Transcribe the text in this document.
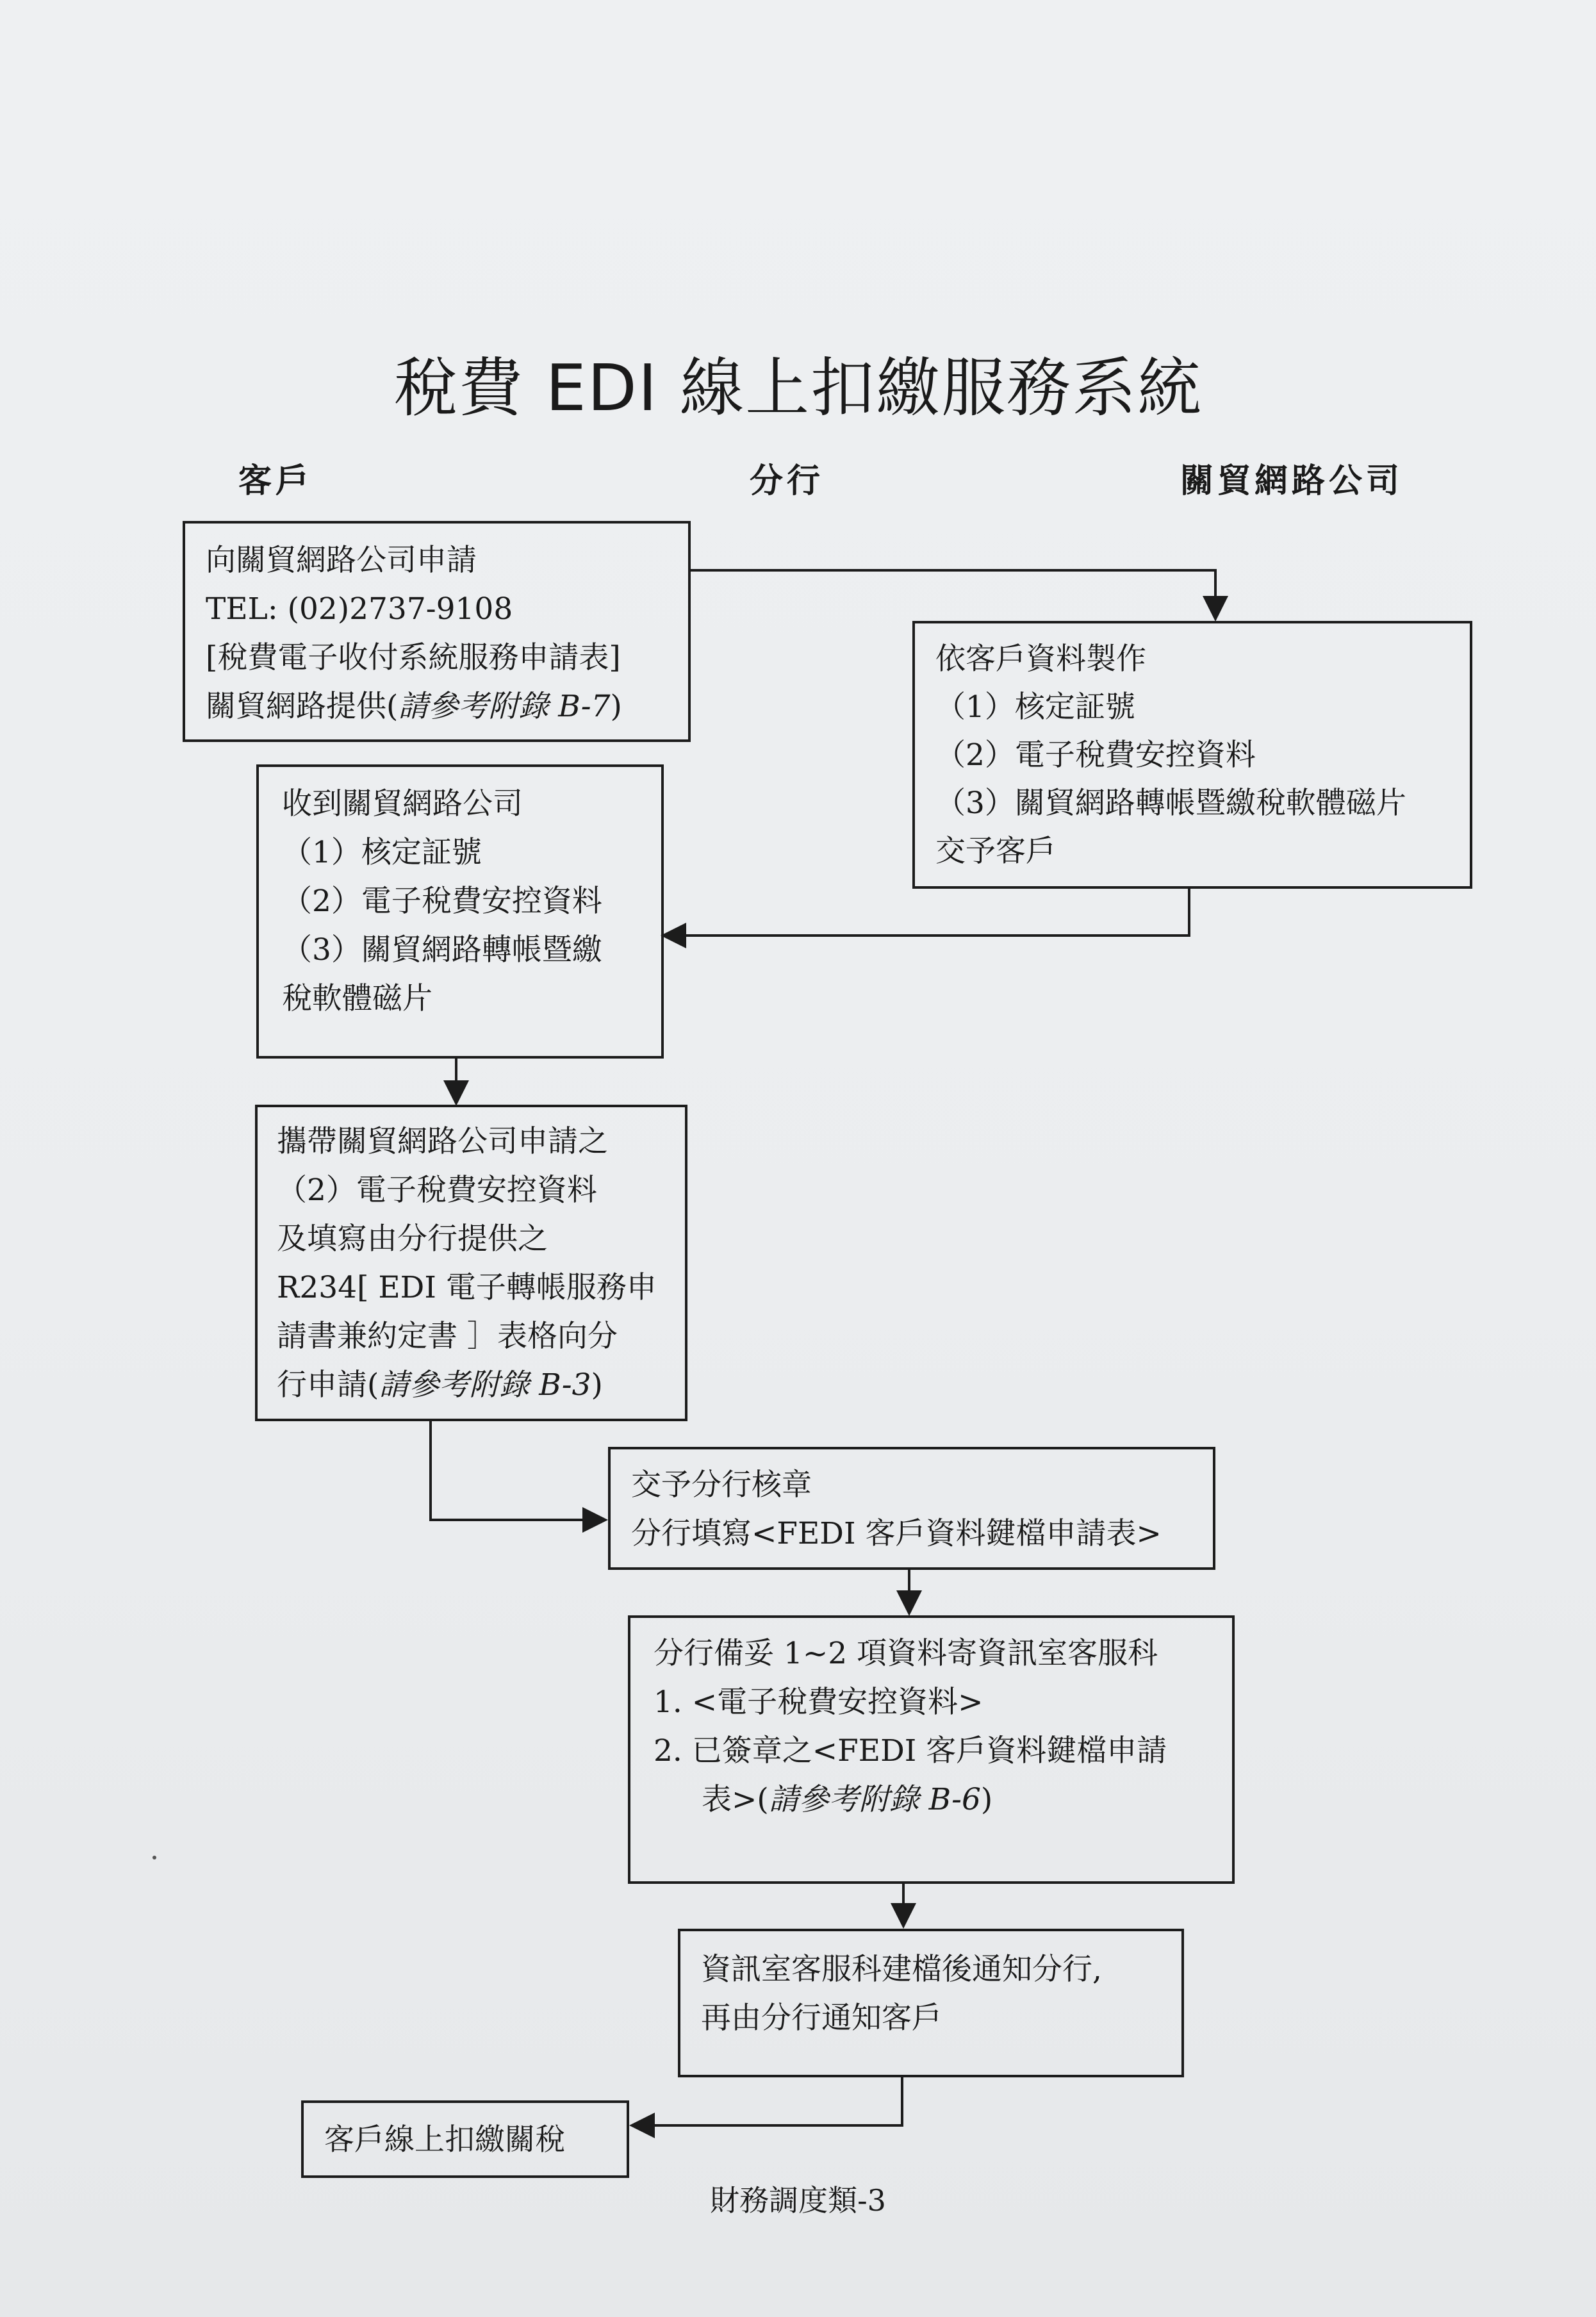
稅費 EDI 線上扣繳服務系統
客戶	分行	關貿網路公司
向關貿網路公司申請
TEL: (02)2737-9108
[稅費電子收付系統服務申請表]
關貿網路提供(請參考附錄 B-7)
依客戶資料製作
（1）核定証號
（2）電子稅費安控資料
（3）關貿網路轉帳暨繳稅軟體磁片
交予客戶
收到關貿網路公司
（1）核定証號
（2）電子稅費安控資料
（3）關貿網路轉帳暨繳
稅軟體磁片
攜帶關貿網路公司申請之
（2）電子稅費安控資料
及填寫由分行提供之
R234[ EDI 電子轉帳服務申
請書兼約定書 ］表格向分
行申請(請參考附錄 B-3)
交予分行核章
分行填寫<FEDI 客戶資料鍵檔申請表>
分行備妥 1~2 項資料寄資訊室客服科
1. <電子稅費安控資料>
2. 已簽章之<FEDI 客戶資料鍵檔申請
表>(請參考附錄 B-6)
資訊室客服科建檔後通知分行,
再由分行通知客戶
客戶線上扣繳關稅
財務調度類-3
